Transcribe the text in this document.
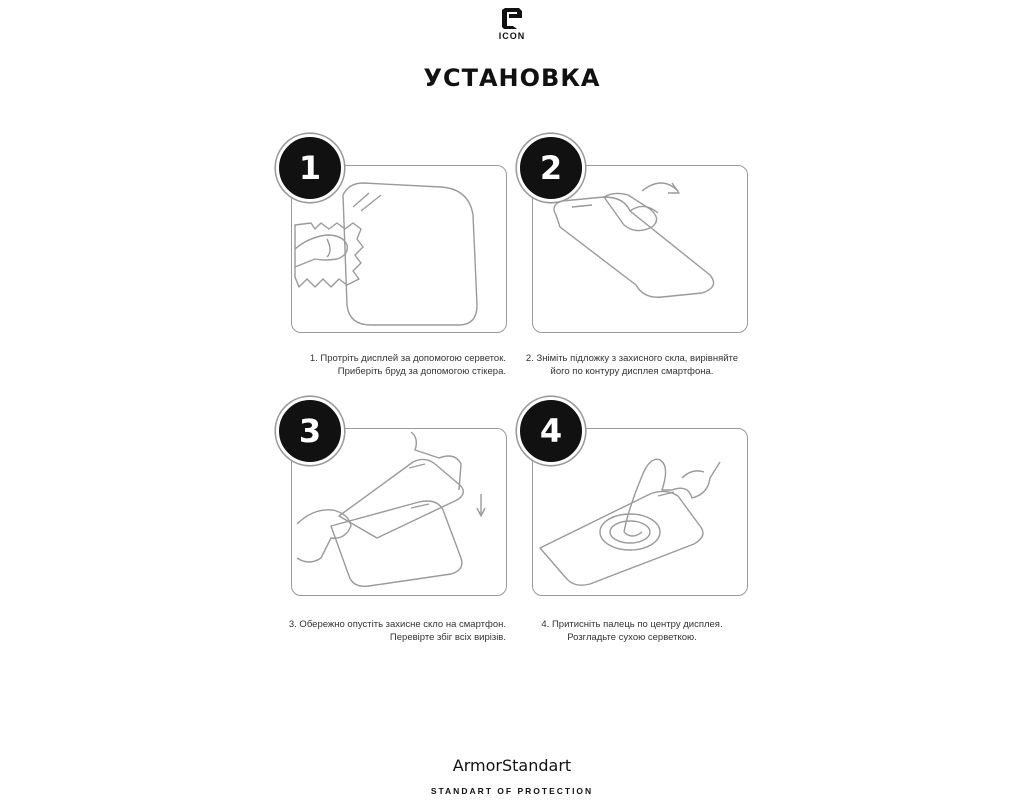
ICON
УСТАНОВКА
1
1. Протріть дисплей за допомогою серветок.
Приберіть бруд за допомогою стікера.
2
2. Зніміть підложку з захисного скла, вирівняйте
його по контуру дисплея смартфона.
3
3. Обережно опустіть захисне скло на смартфон.
Перевірте збіг всіх вирізів.
4
4. Притисніть палець по центру дисплея.
Розгладьте сухою серветкою.
ArmorStandart
STANDART OF PROTECTION
